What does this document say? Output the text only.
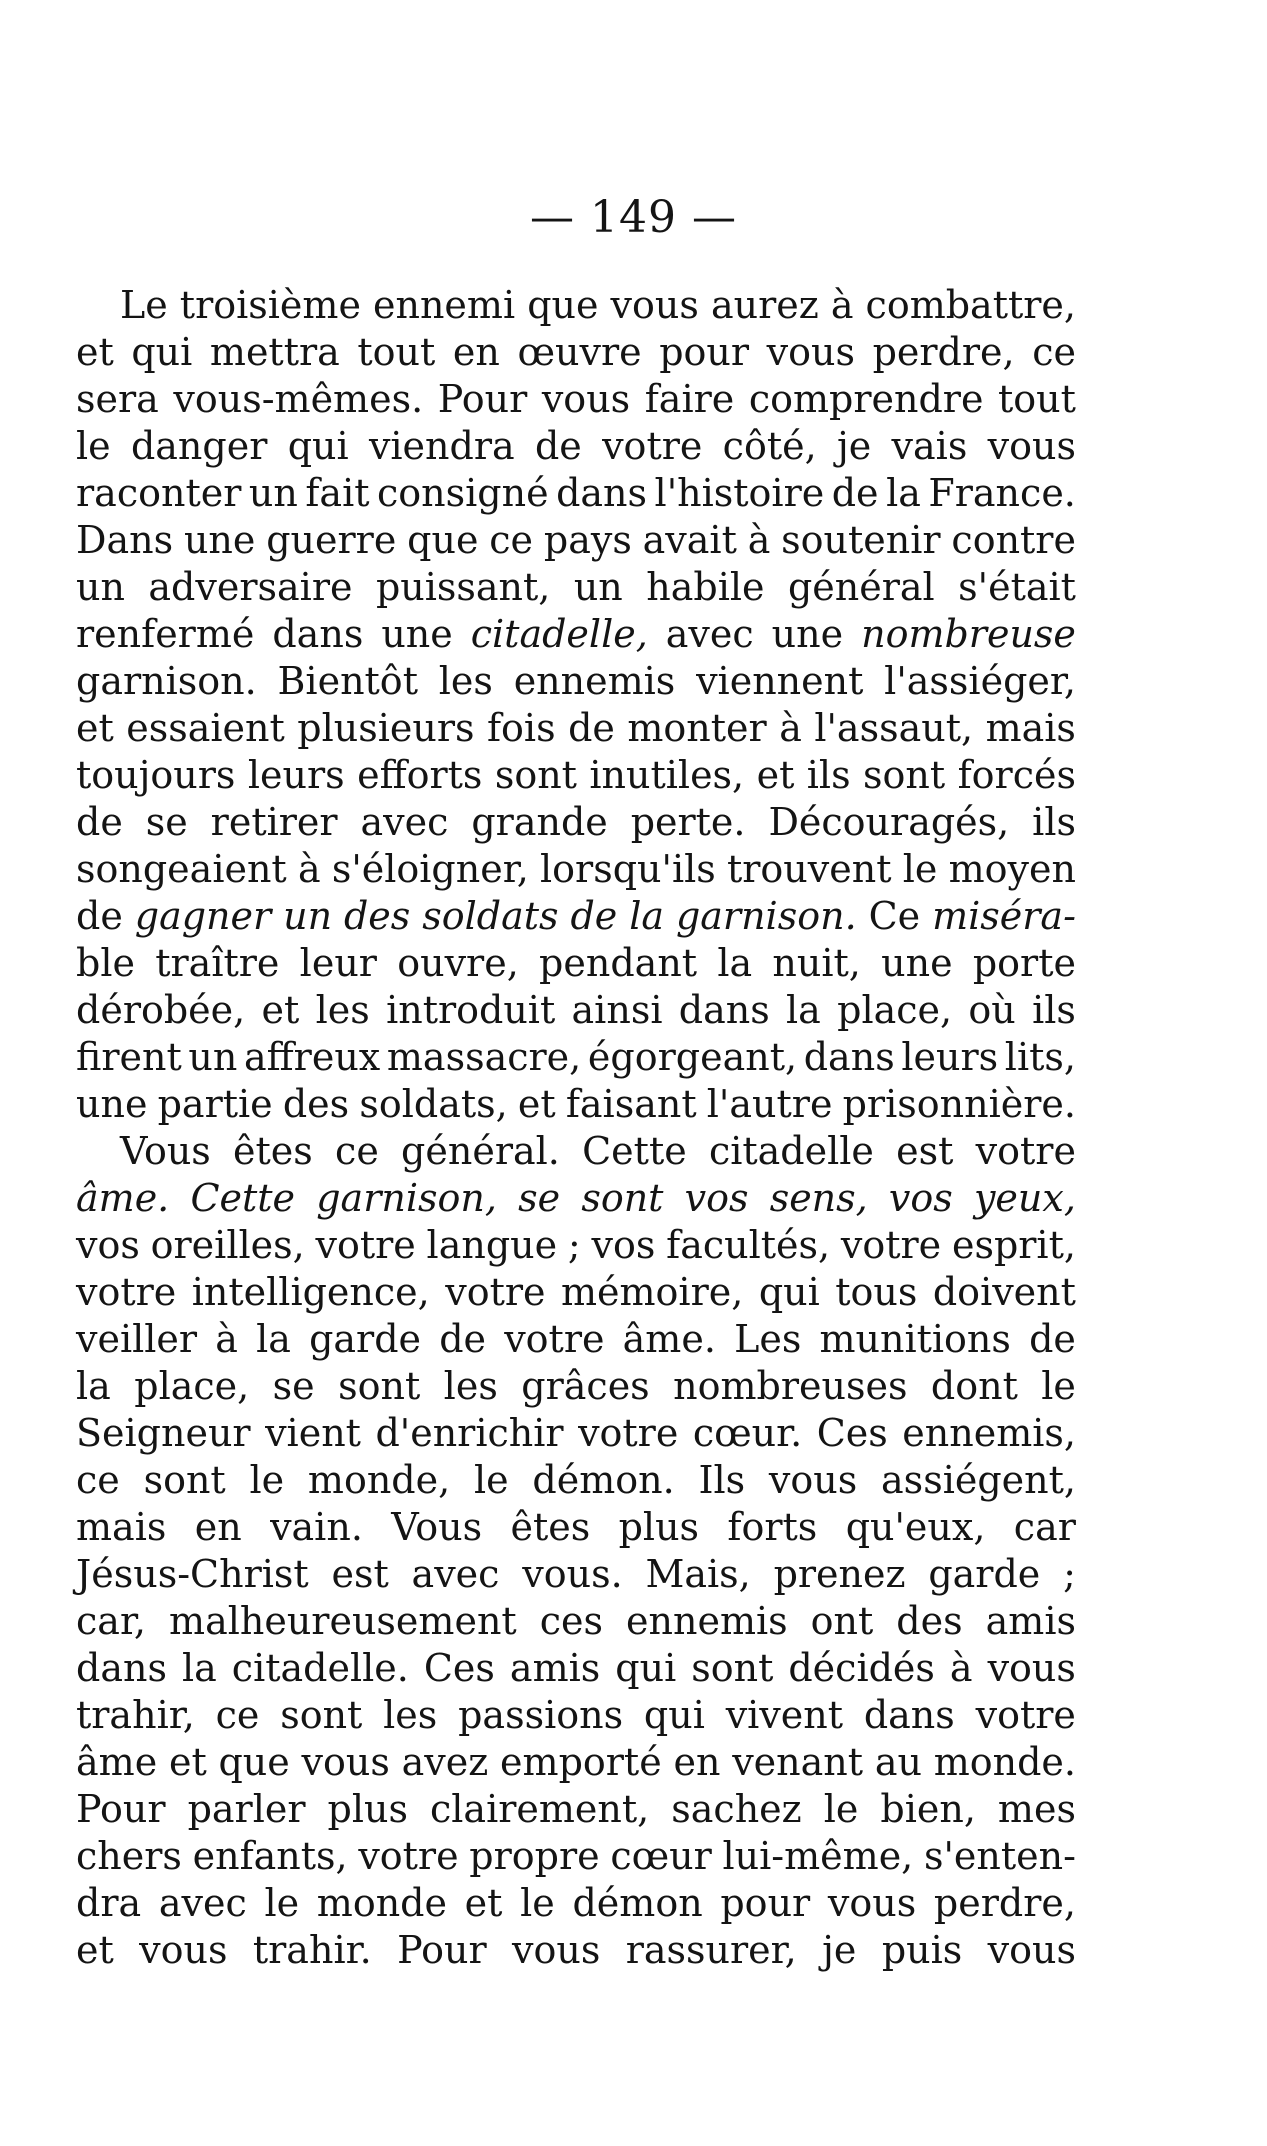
— 149 —
Le troisième ennemi que vous aurez à combattre,
et qui mettra tout en œuvre pour vous perdre, ce
sera vous-mêmes. Pour vous faire comprendre tout
le danger qui viendra de votre côté, je vais vous
raconter un fait consigné dans l'histoire de la France.
Dans une guerre que ce pays avait à soutenir contre
un adversaire puissant, un habile général s'était
renfermé dans une citadelle, avec une nombreuse
garnison. Bientôt les ennemis viennent l'assiéger,
et essaient plusieurs fois de monter à l'assaut, mais
toujours leurs efforts sont inutiles, et ils sont forcés
de se retirer avec grande perte. Découragés, ils
songeaient à s'éloigner, lorsqu'ils trouvent le moyen
de gagner un des soldats de la garnison. Ce miséra-
ble traître leur ouvre, pendant la nuit, une porte
dérobée, et les introduit ainsi dans la place, où ils
firent un affreux massacre, égorgeant, dans leurs lits,
une partie des soldats, et faisant l'autre prisonnière.
Vous êtes ce général. Cette citadelle est votre
âme. Cette garnison, se sont vos sens, vos yeux,
vos oreilles, votre langue ; vos facultés, votre esprit,
votre intelligence, votre mémoire, qui tous doivent
veiller à la garde de votre âme. Les munitions de
la place, se sont les grâces nombreuses dont le
Seigneur vient d'enrichir votre cœur. Ces ennemis,
ce sont le monde, le démon. Ils vous assiégent,
mais en vain. Vous êtes plus forts qu'eux, car
Jésus-Christ est avec vous. Mais, prenez garde ;
car, malheureusement ces ennemis ont des amis
dans la citadelle. Ces amis qui sont décidés à vous
trahir, ce sont les passions qui vivent dans votre
âme et que vous avez emporté en venant au monde.
Pour parler plus clairement, sachez le bien, mes
chers enfants, votre propre cœur lui-même, s'enten-
dra avec le monde et le démon pour vous perdre,
et vous trahir. Pour vous rassurer, je puis vous
